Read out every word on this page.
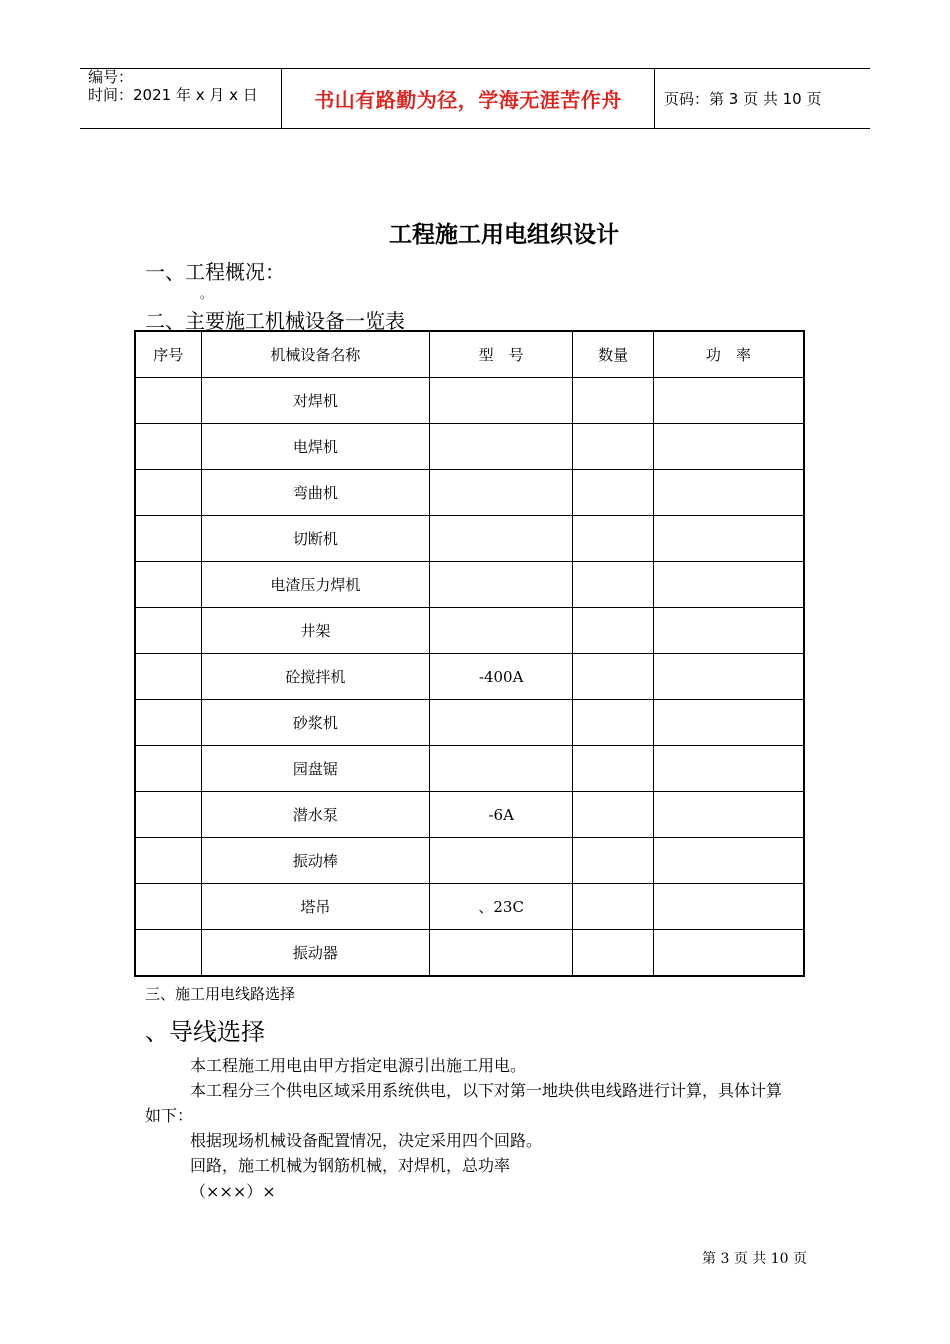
编号：
时间：2021 年 x 月 x 日	书山有路勤为径，学海无涯苦作舟	页码：第 3 页 共 10 页
工程施工用电组织设计
一、工程概况：
。
二、主要施工机械设备一览表
序号	机械设备名称	型　号	数量	功　率
	对焊机			
	电焊机			
	弯曲机			
	切断机			
	电渣压力焊机			
	井架			
	砼搅拌机	-400A		
	砂浆机			
	园盘锯			
	潜水泵	-6A		
	振动棒			
	塔吊	、23C		
	振动器			
三、施工用电线路选择
、导线选择
本工程施工用电由甲方指定电源引出施工用电。
本工程分三个供电区域采用系统供电，以下对第一地块供电线路进行计算，具体计算
如下：
根据现场机械设备配置情况，决定采用四个回路。
回路，施工机械为钢筋机械，对焊机，总功率
（×××）×
第 3 页 共 10 页
